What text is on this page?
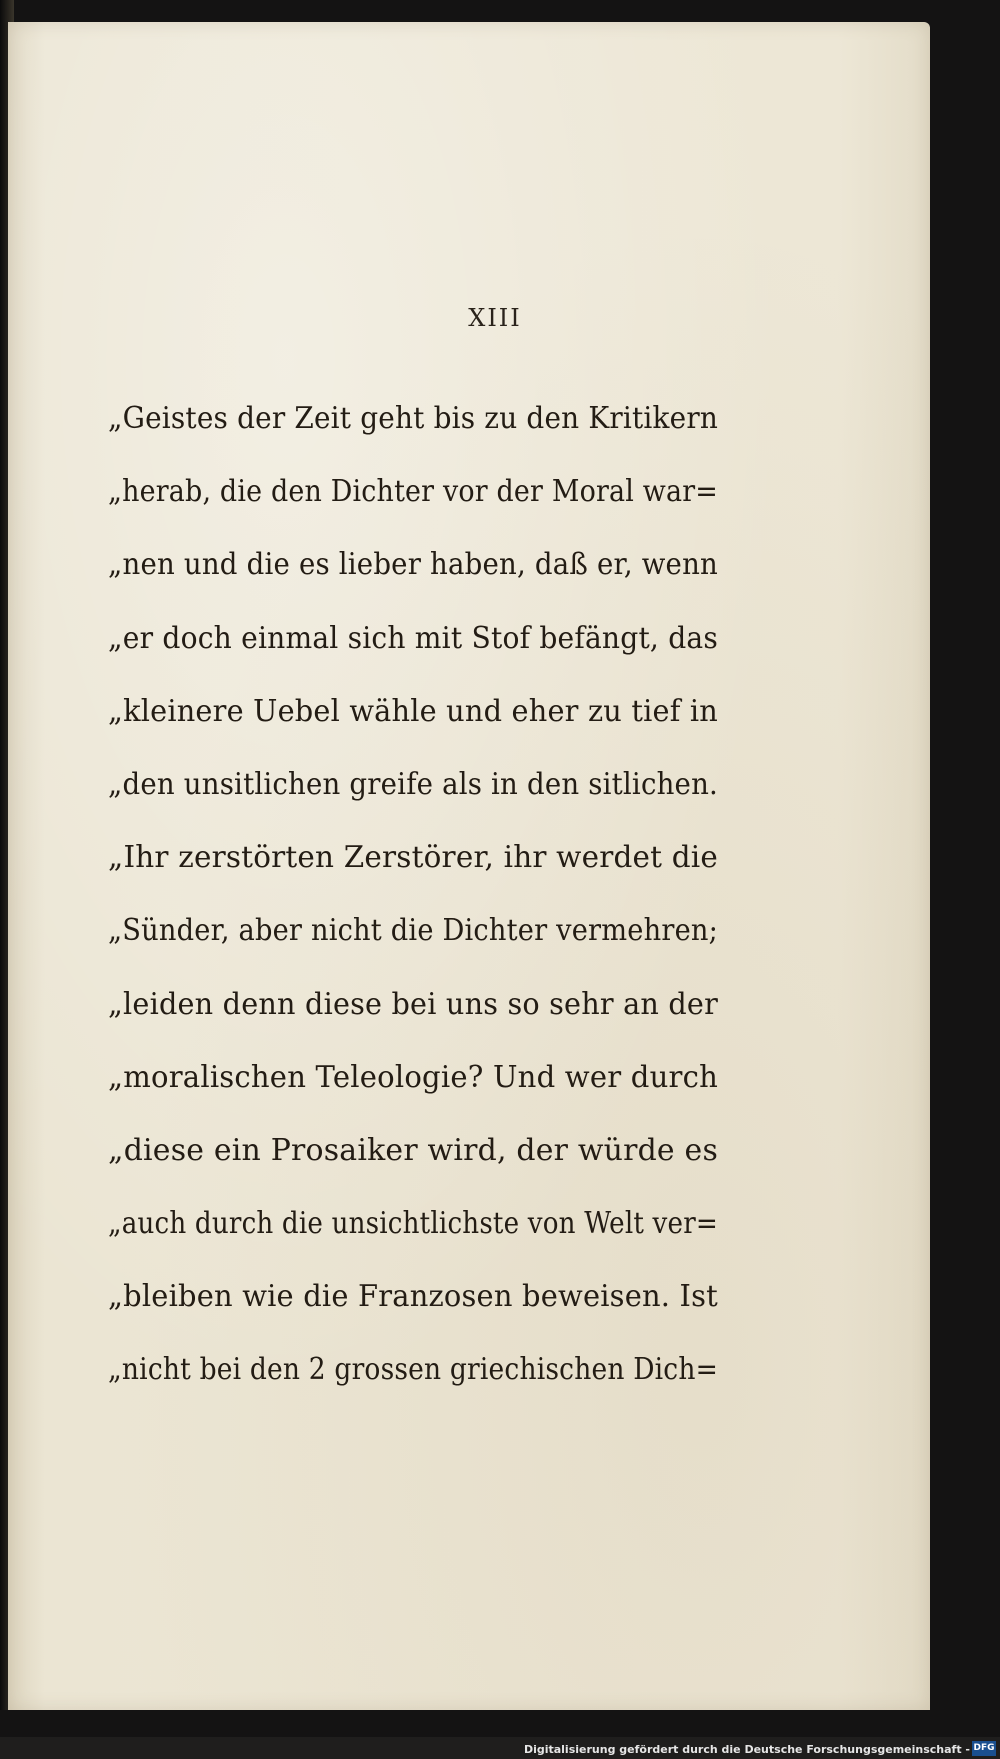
XIII
„Geistes der Zeit geht bis zu den Kritikern
„herab, die den Dichter vor der Moral war=
„nen und die es lieber haben, daß er, wenn
„er doch einmal sich mit Stof befängt, das
„kleinere Uebel wähle und eher zu tief in
„den unsitlichen greife als in den sitlichen.
„Ihr zerstörten Zerstörer, ihr werdet die
„Sünder, aber nicht die Dichter vermehren;
„leiden denn diese bei uns so sehr an der
„moralischen Teleologie? Und wer durch
„diese ein Prosaiker wird, der würde es
„auch durch die unsichtlichste von Welt ver=
„bleiben wie die Franzosen beweisen. Ist
„nicht bei den 2 grossen griechischen Dich=
Digitalisierung gefördert durch die Deutsche Forschungsgemeinschaft - DFG
